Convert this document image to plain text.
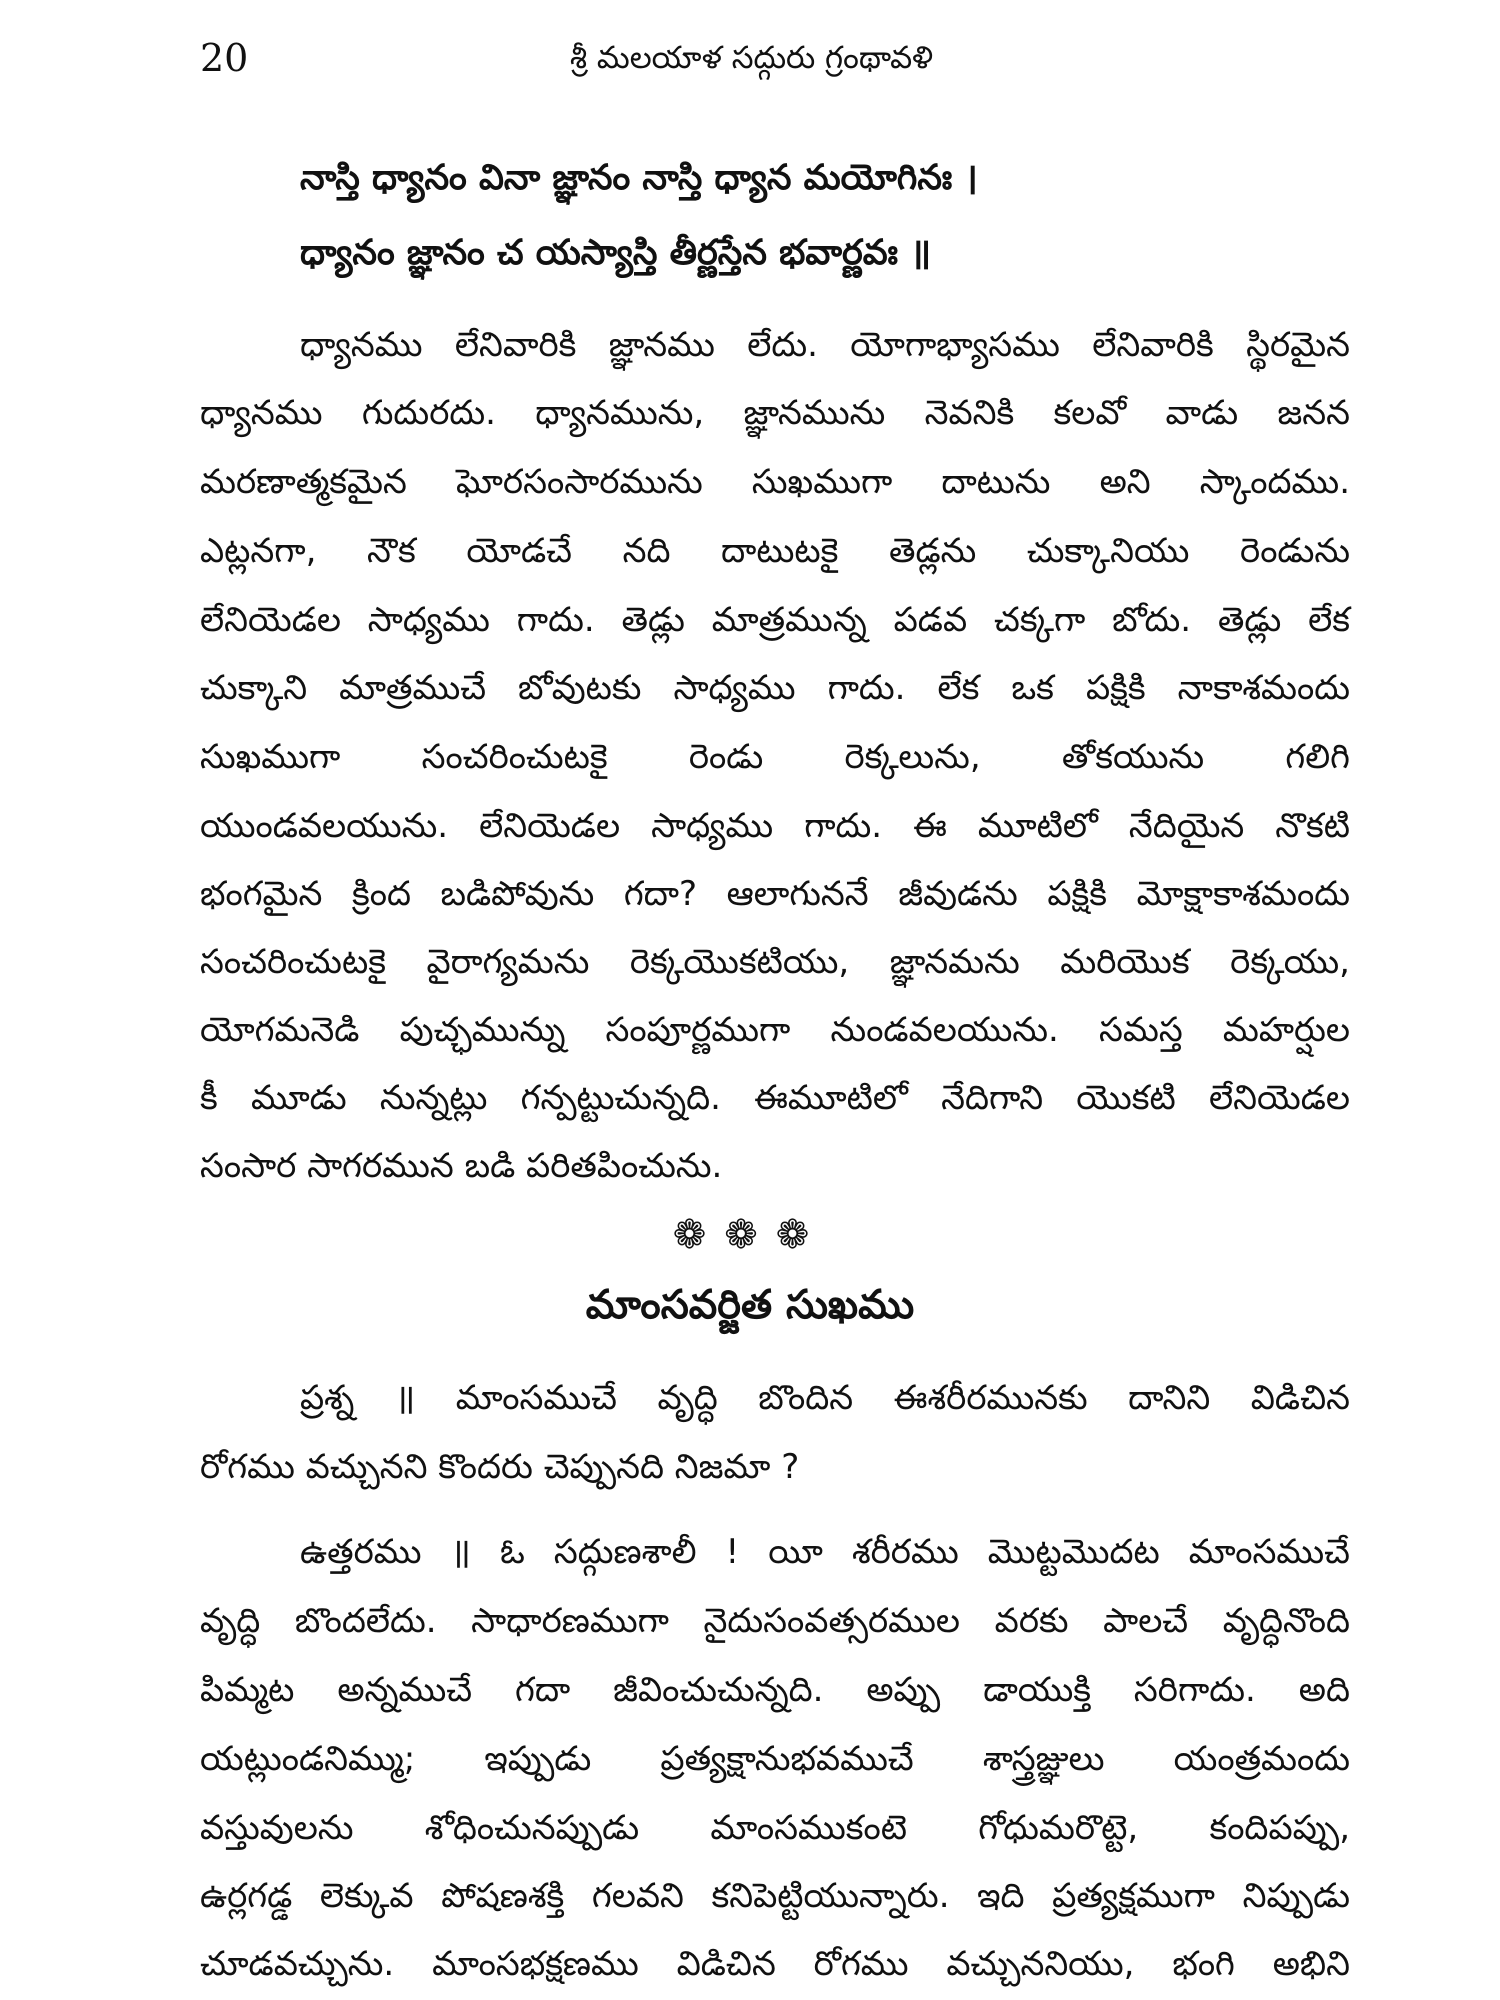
20	శ్రీ మలయాళ సద్గురు గ్రంథావళి
నాస్తి ధ్యానం వినా జ్ఞానం నాస్తి ధ్యాన మయోగినః ।
ధ్యానం జ్ఞానం చ యస్యాస్తి తీర్ణస్తేన భవార్ణవః ॥
ధ్యానము లేనివారికి జ్ఞానము లేదు. యోగాభ్యాసము లేనివారికి స్థిరమైన
ధ్యానము గుదురదు. ధ్యానమును, జ్ఞానమును నెవనికి కలవో వాడు జనన
మరణాత్మకమైన ఘోరసంసారమును సుఖముగా దాటును అని స్కాందము.
ఎట్లనగా, నౌక యోడచే నది దాటుటకై తెడ్లను చుక్కానియు రెండును
లేనియెడల సాధ్యము గాదు. తెడ్లు మాత్రమున్న పడవ చక్కగా బోదు. తెడ్లు లేక
చుక్కాని మాత్రముచే బోవుటకు సాధ్యము గాదు. లేక ఒక పక్షికి నాకాశమందు
సుఖముగా సంచరించుటకై రెండు రెక్కలును, తోకయును గలిగి
యుండవలయును. లేనియెడల సాధ్యము గాదు. ఈ మూటిలో నేదియైన నొకటి
భంగమైన క్రింద బడిపోవును గదా? ఆలాగుననే జీవుడను పక్షికి మోక్షాకాశమందు
సంచరించుటకై వైరాగ్యమను రెక్కయొకటియు, జ్ఞానమను మరియొక రెక్కయు,
యోగమనెడి పుచ్ఛమున్ను సంపూర్ణముగా నుండవలయును. సమస్త మహర్షుల
కీ మూడు నున్నట్లు గన్పట్టుచున్నది. ఈమూటిలో నేదిగాని యొకటి లేనియెడల
సంసార సాగరమున బడి పరితపించును.
❁❁❁
మాంసవర్జిత సుఖము
ప్రశ్న ॥ మాంసముచే వృద్ధి బొందిన ఈశరీరమునకు దానిని విడిచిన
రోగము వచ్చునని కొందరు చెప్పునది నిజమా ?
ఉత్తరము ॥ ఓ సద్గుణశాలీ ! యీ శరీరము మొట్టమొదట మాంసముచే
వృద్ధి బొందలేదు. సాధారణముగా నైదుసంవత్సరముల వరకు పాలచే వృద్ధినొంది
పిమ్మట అన్నముచే గదా జీవించుచున్నది. అప్పు డాయుక్తి సరిగాదు. అది
యట్లుండనిమ్ము; ఇప్పుడు ప్రత్యక్షానుభవముచే శాస్త్రజ్ఞులు యంత్రమందు
వస్తువులను శోధించునప్పుడు మాంసముకంటె గోధుమరొట్టె, కందిపప్పు,
ఉర్లగడ్డ లెక్కువ పోషణశక్తి గలవని కనిపెట్టియున్నారు. ఇది ప్రత్యక్షముగా నిప్పుడు
చూడవచ్చును. మాంసభక్షణము విడిచిన రోగము వచ్చుననియు, భంగి అభిని
